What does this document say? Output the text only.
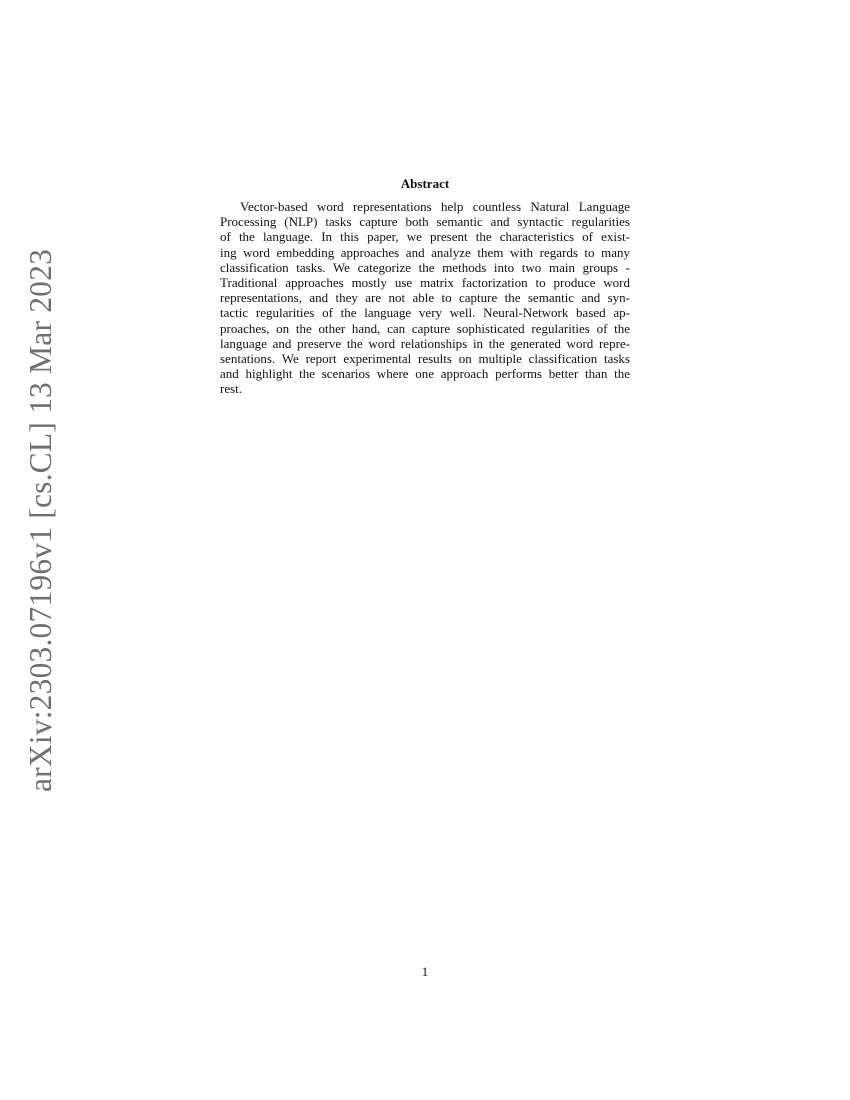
arXiv:2303.07196v1 [cs.CL] 13 Mar 2023
Abstract

Vector-based word representations help countless Natural Language
Processing (NLP) tasks capture both semantic and syntactic regularities
of the language. In this paper, we present the characteristics of exist-
ing word embedding approaches and analyze them with regards to many
classification tasks. We categorize the methods into two main groups -
Traditional approaches mostly use matrix factorization to produce word
representations, and they are not able to capture the semantic and syn-
tactic regularities of the language very well. Neural-Network based ap-
proaches, on the other hand, can capture sophisticated regularities of the
language and preserve the word relationships in the generated word repre-
sentations. We report experimental results on multiple classification tasks
and highlight the scenarios where one approach performs better than the
rest.

1
